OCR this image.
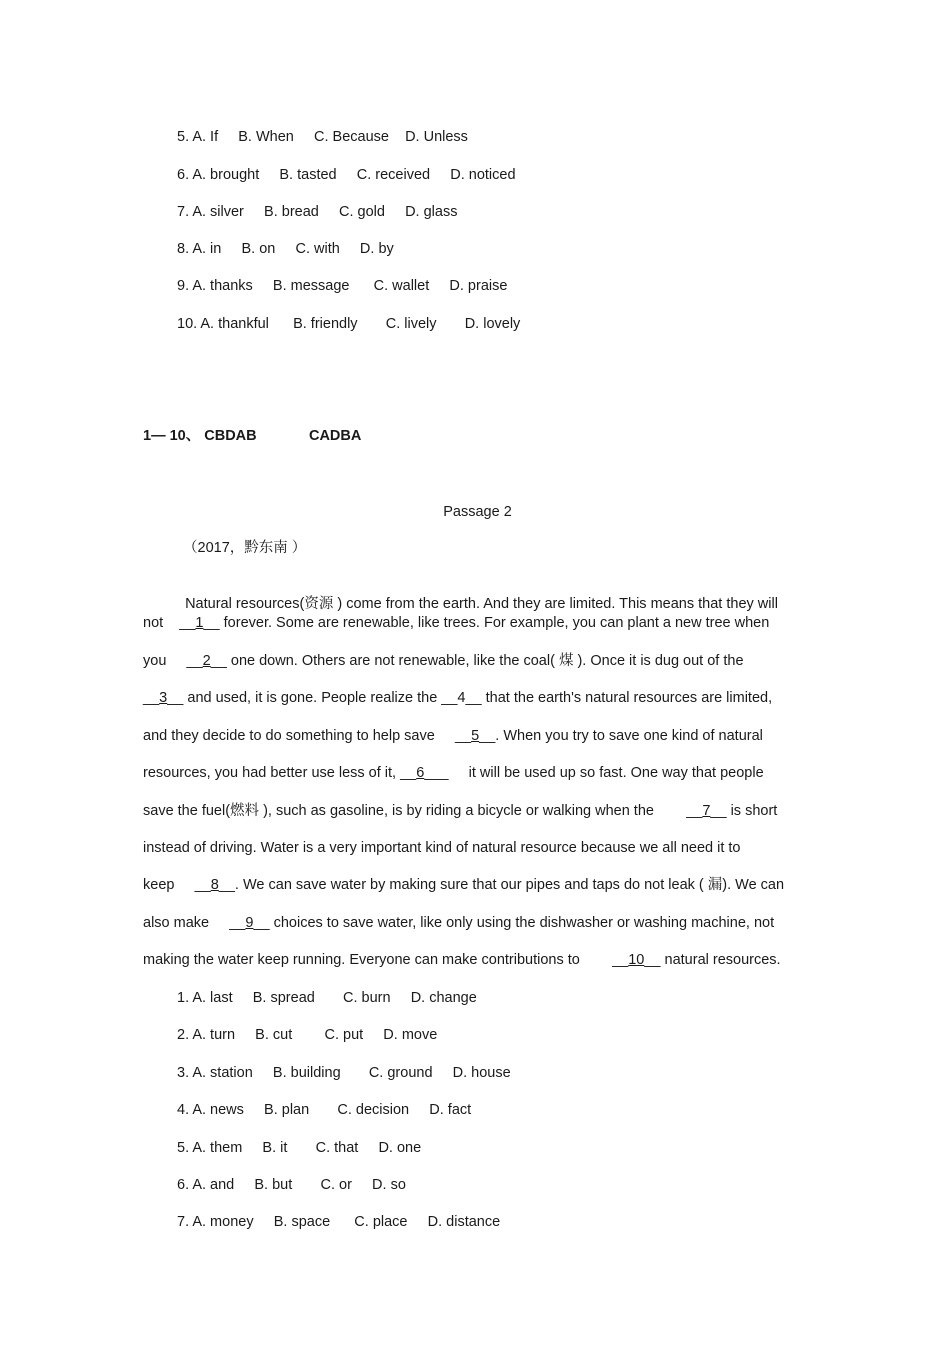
5. A. If     B. When     C. Because    D. Unless
6. A. brought     B. tasted     C. received     D. noticed
7. A. silver     B. bread     C. gold     D. glass
8. A. in     B. on     C. with     D. by
9. A. thanks     B. message      C. wallet     D. praise
10. A. thankful      B. friendly       C. lively       D. lovely
1— 10、 CBDAB             CADBA
Passage 2
（2017，黔东南 ）

Natural resources(资源 ) come from the earth. And they are limited. This means that they will

not    __1__ forever. Some are renewable, like trees. For example, you can plant a new tree when
you     __2__ one down. Others are not renewable, like the coal( 煤 ). Once it is dug out of the
__3__ and used, it is gone. People realize the __4__ that the earth's natural resources are limited,
and they decide to do something to help save     __5__. When you try to save one kind of natural
resources, you had better use less of it, __6___     it will be used up so fast. One way that people
save the fuel(燃料 ), such as gasoline, is by riding a bicycle or walking when the        __7__ is short
instead of driving. Water is a very important kind of natural resource because we all need it to
keep     __8__. We can save water by making sure that our pipes and taps do not leak ( 漏). We can
also make     __9__ choices to save water, like only using the dishwasher or washing machine, not
making the water keep running. Everyone can make contributions to        __10__ natural resources.
1. A. last     B. spread       C. burn     D. change
2. A. turn     B. cut        C. put     D. move
3. A. station     B. building       C. ground     D. house
4. A. news     B. plan       C. decision     D. fact
5. A. them     B. it       C. that     D. one
6. A. and     B. but       C. or     D. so
7. A. money     B. space      C. place     D. distance
